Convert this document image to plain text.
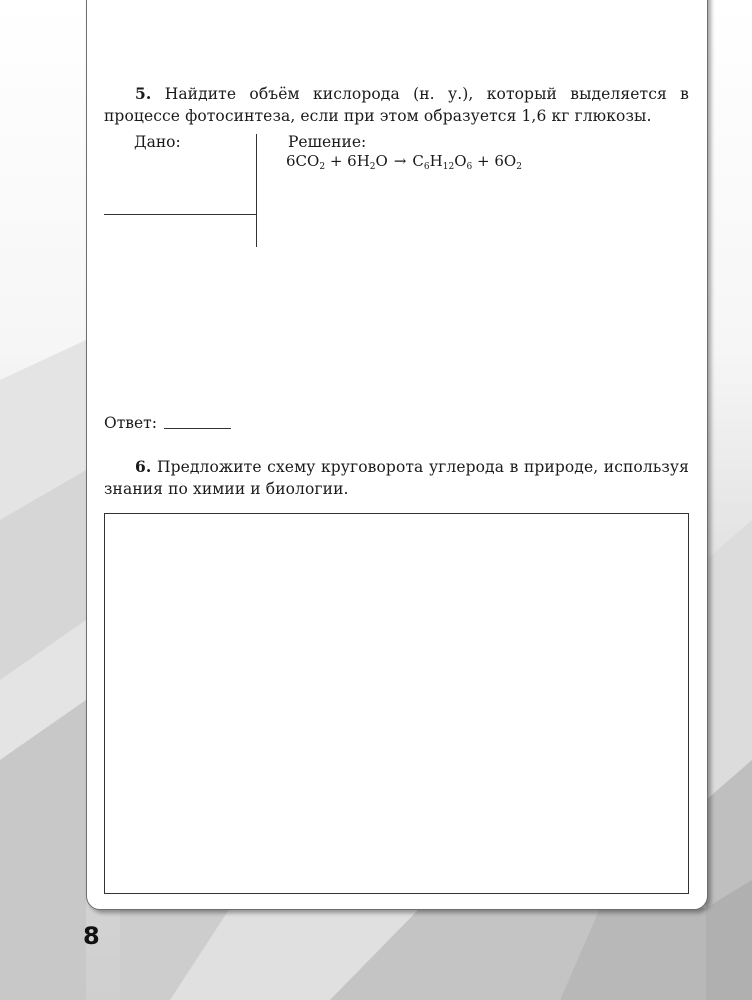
5. Найдите объём кислорода (н. у.), который выделяется в процессе фотосинтеза, если при этом образуется 1,6 кг глюкозы.
Дано:	Решение:
$6CO_2 + 6H_2O \to C_6H_{12}O_6 + 6O_2$
Ответ:
6. Предложите схему круговорота углерода в природе, используя знания по химии и биологии.
8
